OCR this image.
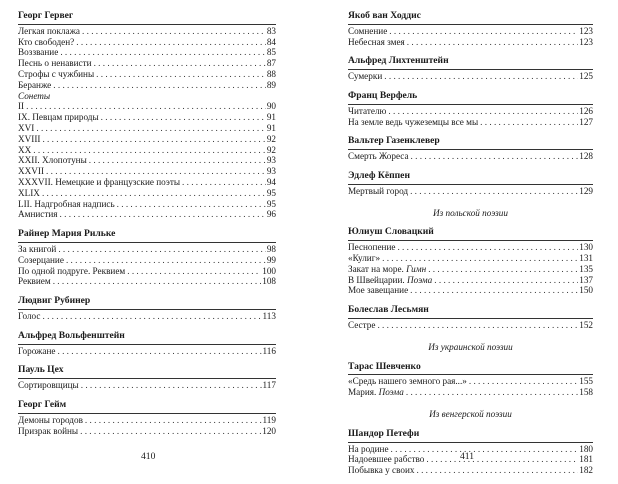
Георг Гервег
Легкая поклажа . . .	83
Кто свободен? . . .	84
Воззвание . . .	85
Песнь о ненависти . . .	87
Строфы с чужбины . . .	88
Беранже . . .	89
Сонеты
II . . .	90
IX. Певцам природы . . .	91
XVI . . .	91
XVIII . . .	92
XX . . .	92
XXII. Хлопотуны . . .	93
XXVII . . .	93
XXXVII. Немецкие и французские поэты . . .	94
XLIX . . .	95
LII. Надгробная надпись . . .	95
Амнистия . . .	96
Райнер Мария Рильке
За книгой . . .	98
Созерцание . . .	99
По одной подруге. Реквием . . .	100
Реквием . . .	108
Людвиг Рубинер
Голос . . .	113
Альфред Вольфенштейн
Горожане . . .	116
Пауль Цех
Сортировщицы . . .	117
Георг Гейм
Демоны городов . . .	119
Призрак войны . . .	120
Якоб ван Ходдис
Сомнение . . .	123
Небесная змея . . .	123
Альфред Лихтенштейн
Сумерки . . .	125
Франц Верфель
Читателю . . .	126
На земле ведь чужеземцы все мы . . .	127
Вальтер Газенклевер
Смерть Жореса . . .	128
Эдлеф Кёппен
Мертвый город . . .	129
Из польской поэзии
Юлиуш Словацкий
Песнопение . . .	130
«Кулиг» . . .	131
Закат на море. Гимн . . .	135
В Швейцарии. Поэма . . .	137
Мое завещание . . .	150
Болеслав Лесьмян
Сестре . . .	152
Из украинской поэзии
Тарас Шевченко
«Средь нашего земного рая...» . . .	155
Мария. Поэма . . .	158
Из венгерской поэзии
Шандор Петефи
На родине . . .	180
Надоевшее рабство . . .	181
Побывка у своих . . .	182
410	411
